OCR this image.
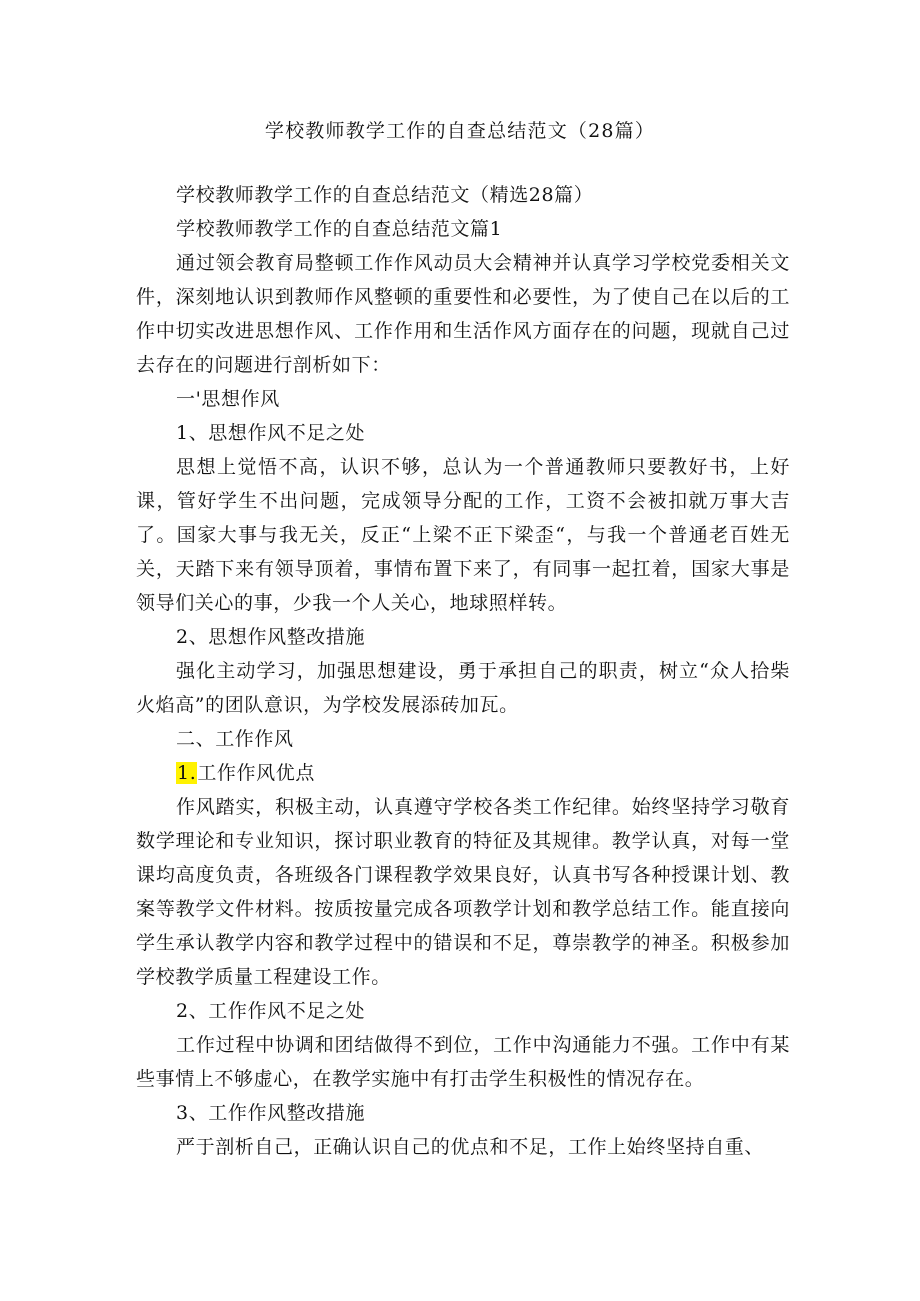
学校教师教学工作的自查总结范文（28篇）

学校教师教学工作的自查总结范文（精选28篇）

学校教师教学工作的自查总结范文篇1

通过领会教育局整顿工作作风动员大会精神并认真学习学校党委相关文件，深刻地认识到教师作风整顿的重要性和必要性，为了使自己在以后的工作中切实改进思想作风、工作作用和生活作风方面存在的问题，现就自己过去存在的问题进行剖析如下：

一'思想作风

1、思想作风不足之处

思想上觉悟不高，认识不够，总认为一个普通教师只要教好书，上好课，管好学生不出问题，完成领导分配的工作，工资不会被扣就万事大吉了。国家大事与我无关，反正“上梁不正下梁歪“，与我一个普通老百姓无关，天踏下来有领导顶着，事情布置下来了，有同事一起扛着，国家大事是领导们关心的事，少我一个人关心，地球照样转。

2、思想作风整改措施

强化主动学习，加强思想建设，勇于承担自己的职责，树立“众人拾柴火焰高”的团队意识，为学校发展添砖加瓦。

二、工作作风

1.工作作风优点

作风踏实，积极主动，认真遵守学校各类工作纪律。始终坚持学习敬育数学理论和专业知识，探讨职业教育的特征及其规律。教学认真，对每一堂课均高度负责，各班级各门课程教学效果良好，认真书写各种授课计划、教案等教学文件材料。按质按量完成各项教学计划和教学总结工作。能直接向学生承认教学内容和教学过程中的错误和不足，尊崇教学的神圣。积极参加学校教学质量工程建设工作。

2、工作作风不足之处

工作过程中协调和团结做得不到位，工作中沟通能力不强。工作中有某些事情上不够虚心，在教学实施中有打击学生积极性的情况存在。

3、工作作风整改措施

严于剖析自己，正确认识自己的优点和不足，工作上始终坚持自重、
